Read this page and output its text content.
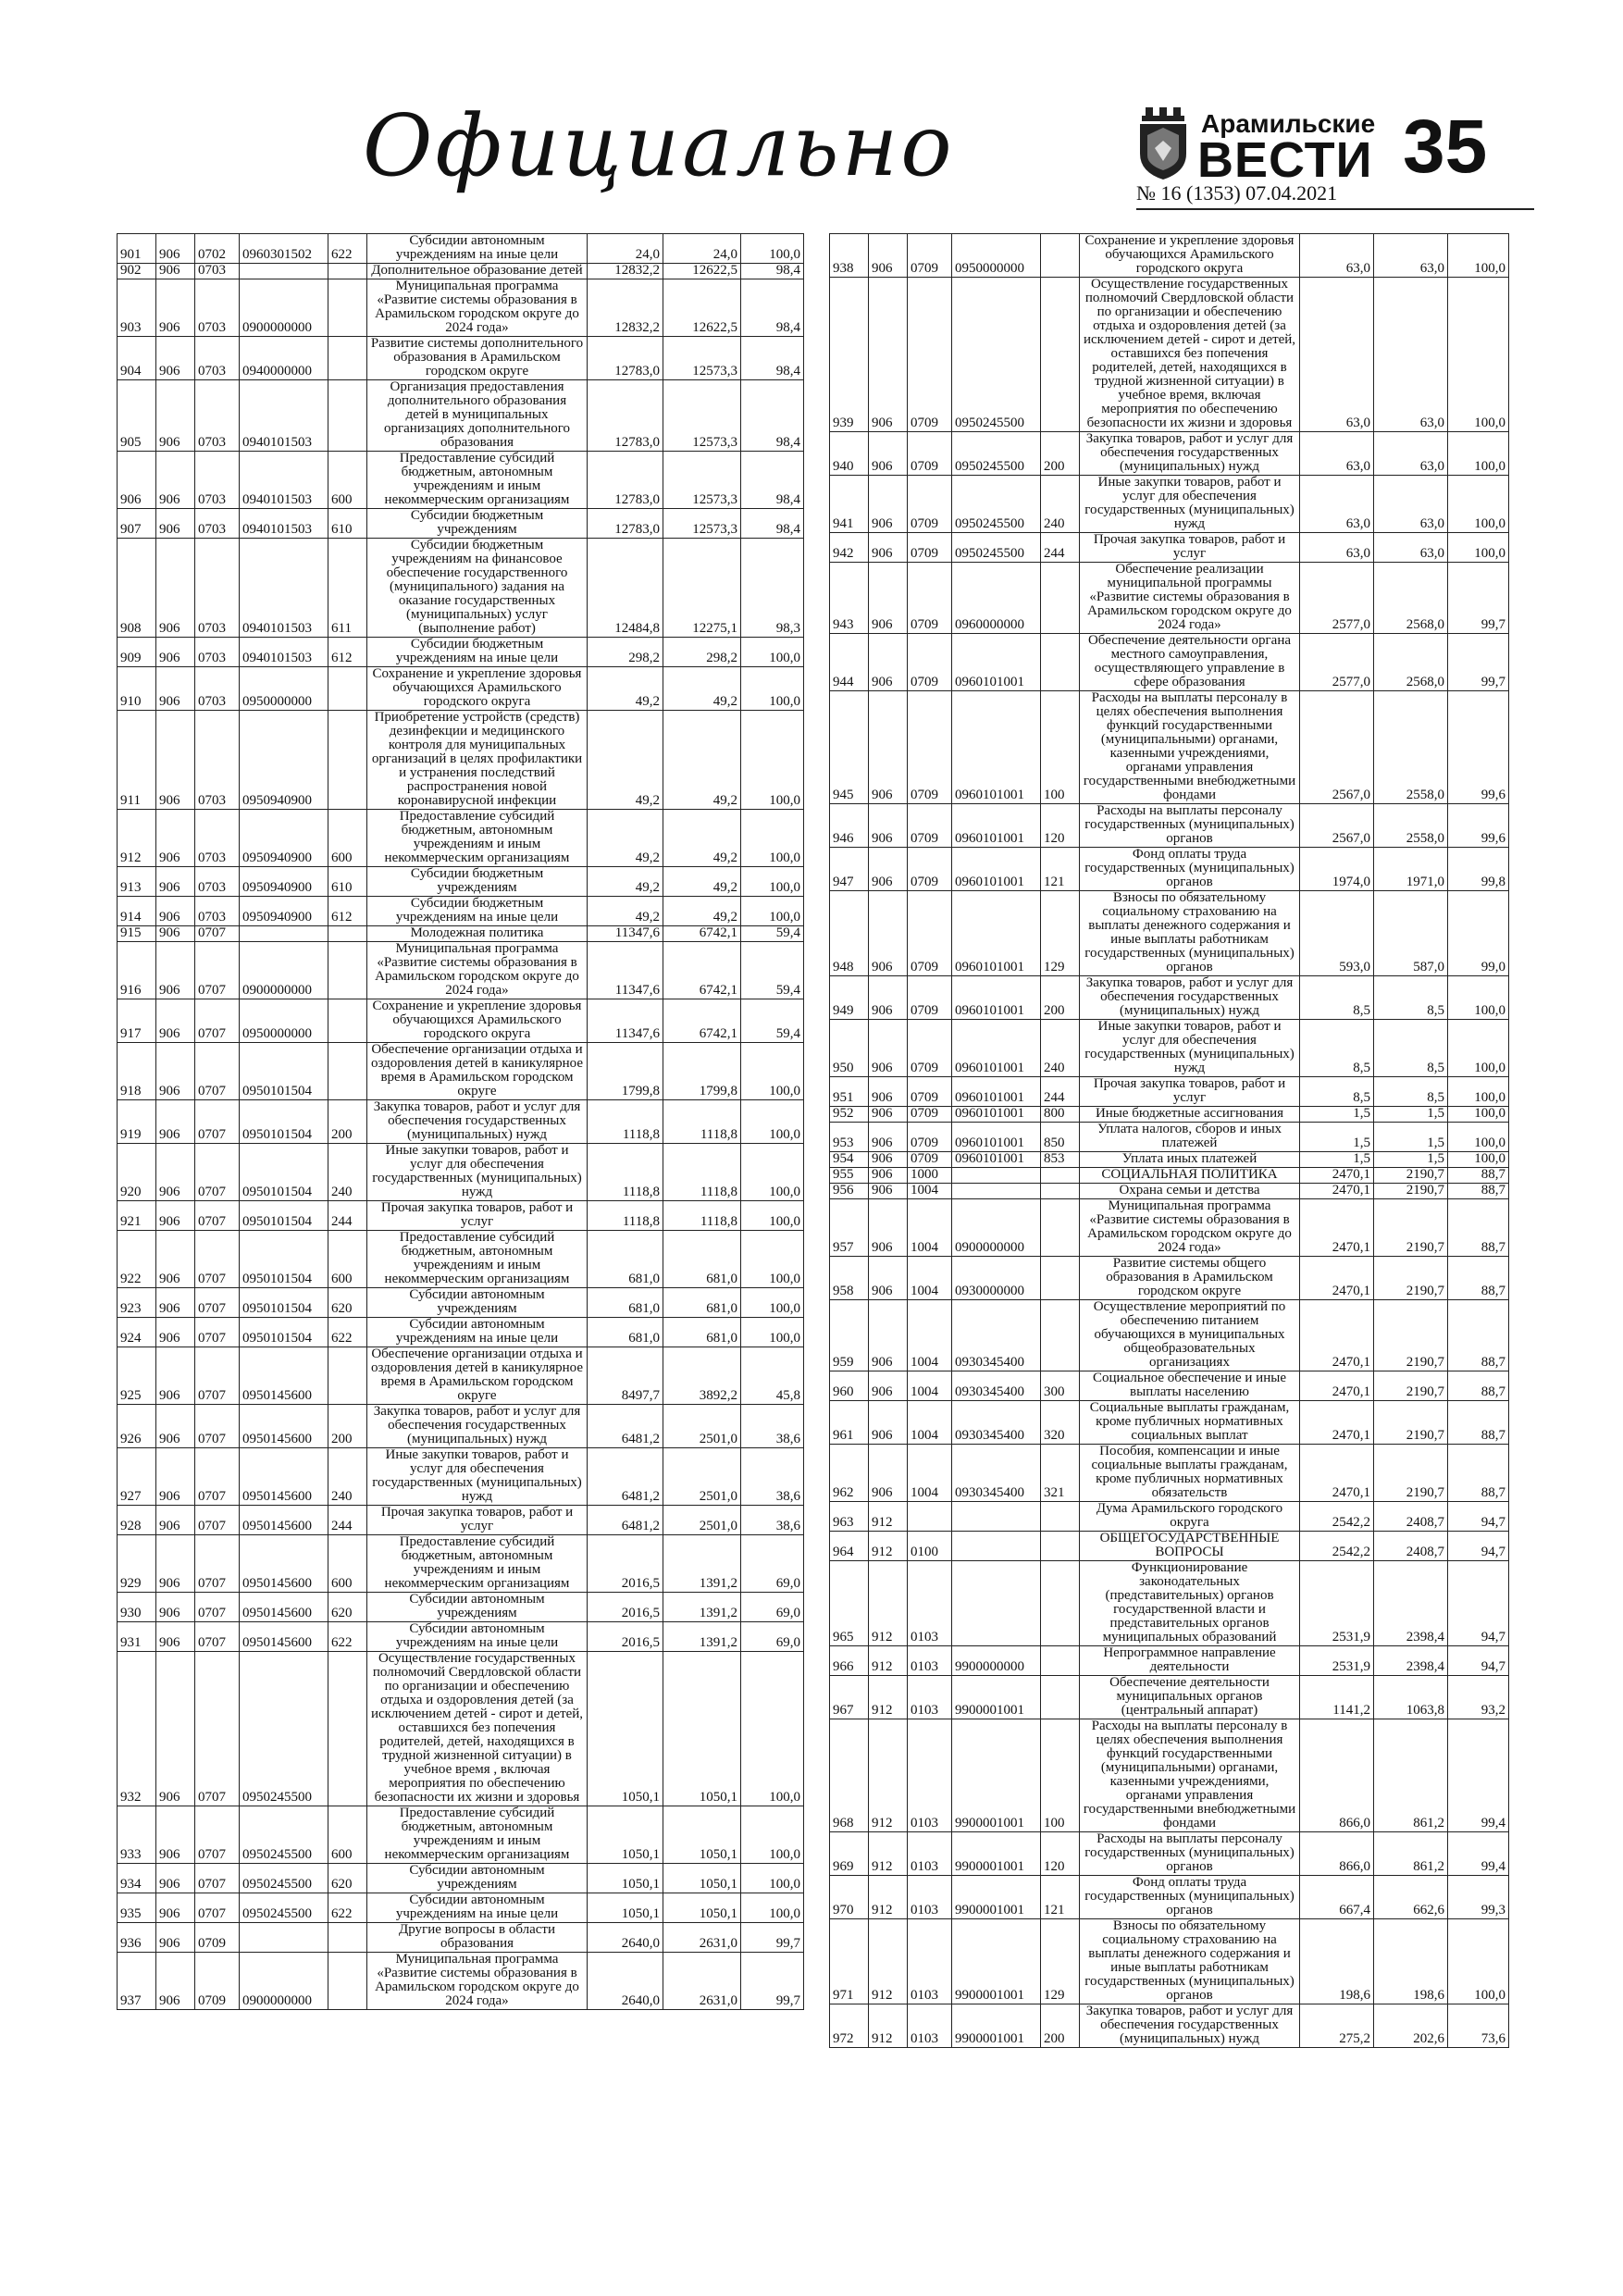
Официально	Арамильские
ВЕСТИ 35
№ 16 (1353) 07.04.2021
901	906	0702	0960301502	622	Субсидии автономным учреждениям на иные цели	24,0	24,0	100,0
902	906	0703			Дополнительное образование детей	12832,2	12622,5	98,4
903	906	0703	0900000000		Муниципальная программа «Развитие системы образования в Арамильском городском округе до 2024 года»	12832,2	12622,5	98,4
904	906	0703	0940000000		Развитие системы дополнительного образования в Арамильском городском округе	12783,0	12573,3	98,4
905	906	0703	0940101503		Организация предоставления дополнительного образования детей в муниципальных организациях дополнительного образования	12783,0	12573,3	98,4
906	906	0703	0940101503	600	Предоставление субсидий бюджетным, автономным учреждениям и иным некоммерческим организациям	12783,0	12573,3	98,4
907	906	0703	0940101503	610	Субсидии бюджетным учреждениям	12783,0	12573,3	98,4
908	906	0703	0940101503	611	Субсидии бюджетным учреждениям на финансовое обеспечение государственного (муниципального) задания на оказание государственных (муниципальных) услуг (выполнение работ)	12484,8	12275,1	98,3
909	906	0703	0940101503	612	Субсидии бюджетным учреждениям на иные цели	298,2	298,2	100,0
910	906	0703	0950000000		Сохранение и укрепление здоровья обучающихся Арамильского городского округа	49,2	49,2	100,0
911	906	0703	0950940900		Приобретение устройств (средств) дезинфекции и медицинского контроля для муниципальных организаций в целях профилактики и устранения последствий распространения новой коронавирусной инфекции	49,2	49,2	100,0
912	906	0703	0950940900	600	Предоставление субсидий бюджетным, автономным учреждениям и иным некоммерческим организациям	49,2	49,2	100,0
913	906	0703	0950940900	610	Субсидии бюджетным учреждениям	49,2	49,2	100,0
914	906	0703	0950940900	612	Субсидии бюджетным учреждениям на иные цели	49,2	49,2	100,0
915	906	0707			Молодежная политика	11347,6	6742,1	59,4
916	906	0707	0900000000		Муниципальная программа «Развитие системы образования в Арамильском городском округе до 2024 года»	11347,6	6742,1	59,4
917	906	0707	0950000000		Сохранение и укрепление здоровья обучающихся Арамильского городского округа	11347,6	6742,1	59,4
918	906	0707	0950101504		Обеспечение организации отдыха и оздоровления детей в каникулярное время в Арамильском городском округе	1799,8	1799,8	100,0
919	906	0707	0950101504	200	Закупка товаров, работ и услуг для обеспечения государственных (муниципальных) нужд	1118,8	1118,8	100,0
920	906	0707	0950101504	240	Иные закупки товаров, работ и услуг для обеспечения государственных (муниципальных) нужд	1118,8	1118,8	100,0
921	906	0707	0950101504	244	Прочая закупка товаров, работ и услуг	1118,8	1118,8	100,0
922	906	0707	0950101504	600	Предоставление субсидий бюджетным, автономным учреждениям и иным некоммерческим организациям	681,0	681,0	100,0
923	906	0707	0950101504	620	Субсидии автономным учреждениям	681,0	681,0	100,0
924	906	0707	0950101504	622	Субсидии автономным учреждениям на иные цели	681,0	681,0	100,0
925	906	0707	0950145600		Обеспечение организации отдыха и оздоровления детей в каникулярное время в Арамильском городском округе	8497,7	3892,2	45,8
926	906	0707	0950145600	200	Закупка товаров, работ и услуг для обеспечения государственных (муниципальных) нужд	6481,2	2501,0	38,6
927	906	0707	0950145600	240	Иные закупки товаров, работ и услуг для обеспечения государственных (муниципальных) нужд	6481,2	2501,0	38,6
928	906	0707	0950145600	244	Прочая закупка товаров, работ и услуг	6481,2	2501,0	38,6
929	906	0707	0950145600	600	Предоставление субсидий бюджетным, автономным учреждениям и иным некоммерческим организациям	2016,5	1391,2	69,0
930	906	0707	0950145600	620	Субсидии автономным учреждениям	2016,5	1391,2	69,0
931	906	0707	0950145600	622	Субсидии автономным учреждениям на иные цели	2016,5	1391,2	69,0
932	906	0707	0950245500		Осуществление государственных полномочий Свердловской области по организации и обеспечению отдыха и оздоровления детей (за исключением детей - сирот и детей, оставшихся без попечения родителей, детей, находящихся в трудной жизненной ситуации) в учебное время , включая мероприятия по обеспечению безопасности их жизни и здоровья	1050,1	1050,1	100,0
933	906	0707	0950245500	600	Предоставление субсидий бюджетным, автономным учреждениям и иным некоммерческим организациям	1050,1	1050,1	100,0
934	906	0707	0950245500	620	Субсидии автономным учреждениям	1050,1	1050,1	100,0
935	906	0707	0950245500	622	Субсидии автономным учреждениям на иные цели	1050,1	1050,1	100,0
936	906	0709			Другие вопросы в области образования	2640,0	2631,0	99,7
937	906	0709	0900000000		Муниципальная программа «Развитие системы образования в Арамильском городском округе до 2024 года»	2640,0	2631,0	99,7
938	906	0709	0950000000		Сохранение и укрепление здоровья обучающихся Арамильского городского округа	63,0	63,0	100,0
939	906	0709	0950245500		Осуществление государственных полномочий Свердловской области по организации и обеспечению отдыха и оздоровления детей (за исключением детей - сирот и детей, оставшихся без попечения родителей, детей, находящихся в трудной жизненной ситуации) в учебное время, включая мероприятия по обеспечению безопасности их жизни и здоровья	63,0	63,0	100,0
940	906	0709	0950245500	200	Закупка товаров, работ и услуг для обеспечения государственных (муниципальных) нужд	63,0	63,0	100,0
941	906	0709	0950245500	240	Иные закупки товаров, работ и услуг для обеспечения государственных (муниципальных) нужд	63,0	63,0	100,0
942	906	0709	0950245500	244	Прочая закупка товаров, работ и услуг	63,0	63,0	100,0
943	906	0709	0960000000		Обеспечение реализации муниципальной программы «Развитие системы образования в Арамильском городском округе до 2024 года»	2577,0	2568,0	99,7
944	906	0709	0960101001		Обеспечение деятельности органа местного самоуправления, осуществляющего управление в сфере образования	2577,0	2568,0	99,7
945	906	0709	0960101001	100	Расходы на выплаты персоналу в целях обеспечения выполнения функций государственными (муниципальными) органами, казенными учреждениями, органами управления государственными внебюджетными фондами	2567,0	2558,0	99,6
946	906	0709	0960101001	120	Расходы на выплаты персоналу государственных (муниципальных) органов	2567,0	2558,0	99,6
947	906	0709	0960101001	121	Фонд оплаты труда государственных (муниципальных) органов	1974,0	1971,0	99,8
948	906	0709	0960101001	129	Взносы по обязательному социальному страхованию на выплаты денежного содержания и иные выплаты работникам государственных (муниципальных) органов	593,0	587,0	99,0
949	906	0709	0960101001	200	Закупка товаров, работ и услуг для обеспечения государственных (муниципальных) нужд	8,5	8,5	100,0
950	906	0709	0960101001	240	Иные закупки товаров, работ и услуг для обеспечения государственных (муниципальных) нужд	8,5	8,5	100,0
951	906	0709	0960101001	244	Прочая закупка товаров, работ и услуг	8,5	8,5	100,0
952	906	0709	0960101001	800	Иные бюджетные ассигнования	1,5	1,5	100,0
953	906	0709	0960101001	850	Уплата налогов, сборов и иных платежей	1,5	1,5	100,0
954	906	0709	0960101001	853	Уплата иных платежей	1,5	1,5	100,0
955	906	1000			СОЦИАЛЬНАЯ ПОЛИТИКА	2470,1	2190,7	88,7
956	906	1004			Охрана семьи и детства	2470,1	2190,7	88,7
957	906	1004	0900000000		Муниципальная программа «Развитие системы образования в Арамильском городском округе до 2024 года»	2470,1	2190,7	88,7
958	906	1004	0930000000		Развитие системы общего образования в Арамильском городском округе	2470,1	2190,7	88,7
959	906	1004	0930345400		Осуществление мероприятий по обеспечению питанием обучающихся в муниципальных общеобразовательных организациях	2470,1	2190,7	88,7
960	906	1004	0930345400	300	Социальное обеспечение и иные выплаты населению	2470,1	2190,7	88,7
961	906	1004	0930345400	320	Социальные выплаты гражданам, кроме публичных нормативных социальных выплат	2470,1	2190,7	88,7
962	906	1004	0930345400	321	Пособия, компенсации и иные социальные выплаты гражданам, кроме публичных нормативных обязательств	2470,1	2190,7	88,7
963	912				Дума Арамильского городского округа	2542,2	2408,7	94,7
964	912	0100			ОБЩЕГОСУДАРСТВЕННЫЕ ВОПРОСЫ	2542,2	2408,7	94,7
965	912	0103			Функционирование законодательных (представительных) органов государственной власти и представительных органов муниципальных образований	2531,9	2398,4	94,7
966	912	0103	9900000000		Непрограммное направление деятельности	2531,9	2398,4	94,7
967	912	0103	9900001001		Обеспечение деятельности муниципальных органов (центральный аппарат)	1141,2	1063,8	93,2
968	912	0103	9900001001	100	Расходы на выплаты персоналу в целях обеспечения выполнения функций государственными (муниципальными) органами, казенными учреждениями, органами управления государственными внебюджетными фондами	866,0	861,2	99,4
969	912	0103	9900001001	120	Расходы на выплаты персоналу государственных (муниципальных) органов	866,0	861,2	99,4
970	912	0103	9900001001	121	Фонд оплаты труда государственных (муниципальных) органов	667,4	662,6	99,3
971	912	0103	9900001001	129	Взносы по обязательному социальному страхованию на выплаты денежного содержания и иные выплаты работникам государственных (муниципальных) органов	198,6	198,6	100,0
972	912	0103	9900001001	200	Закупка товаров, работ и услуг для обеспечения государственных (муниципальных) нужд	275,2	202,6	73,6
